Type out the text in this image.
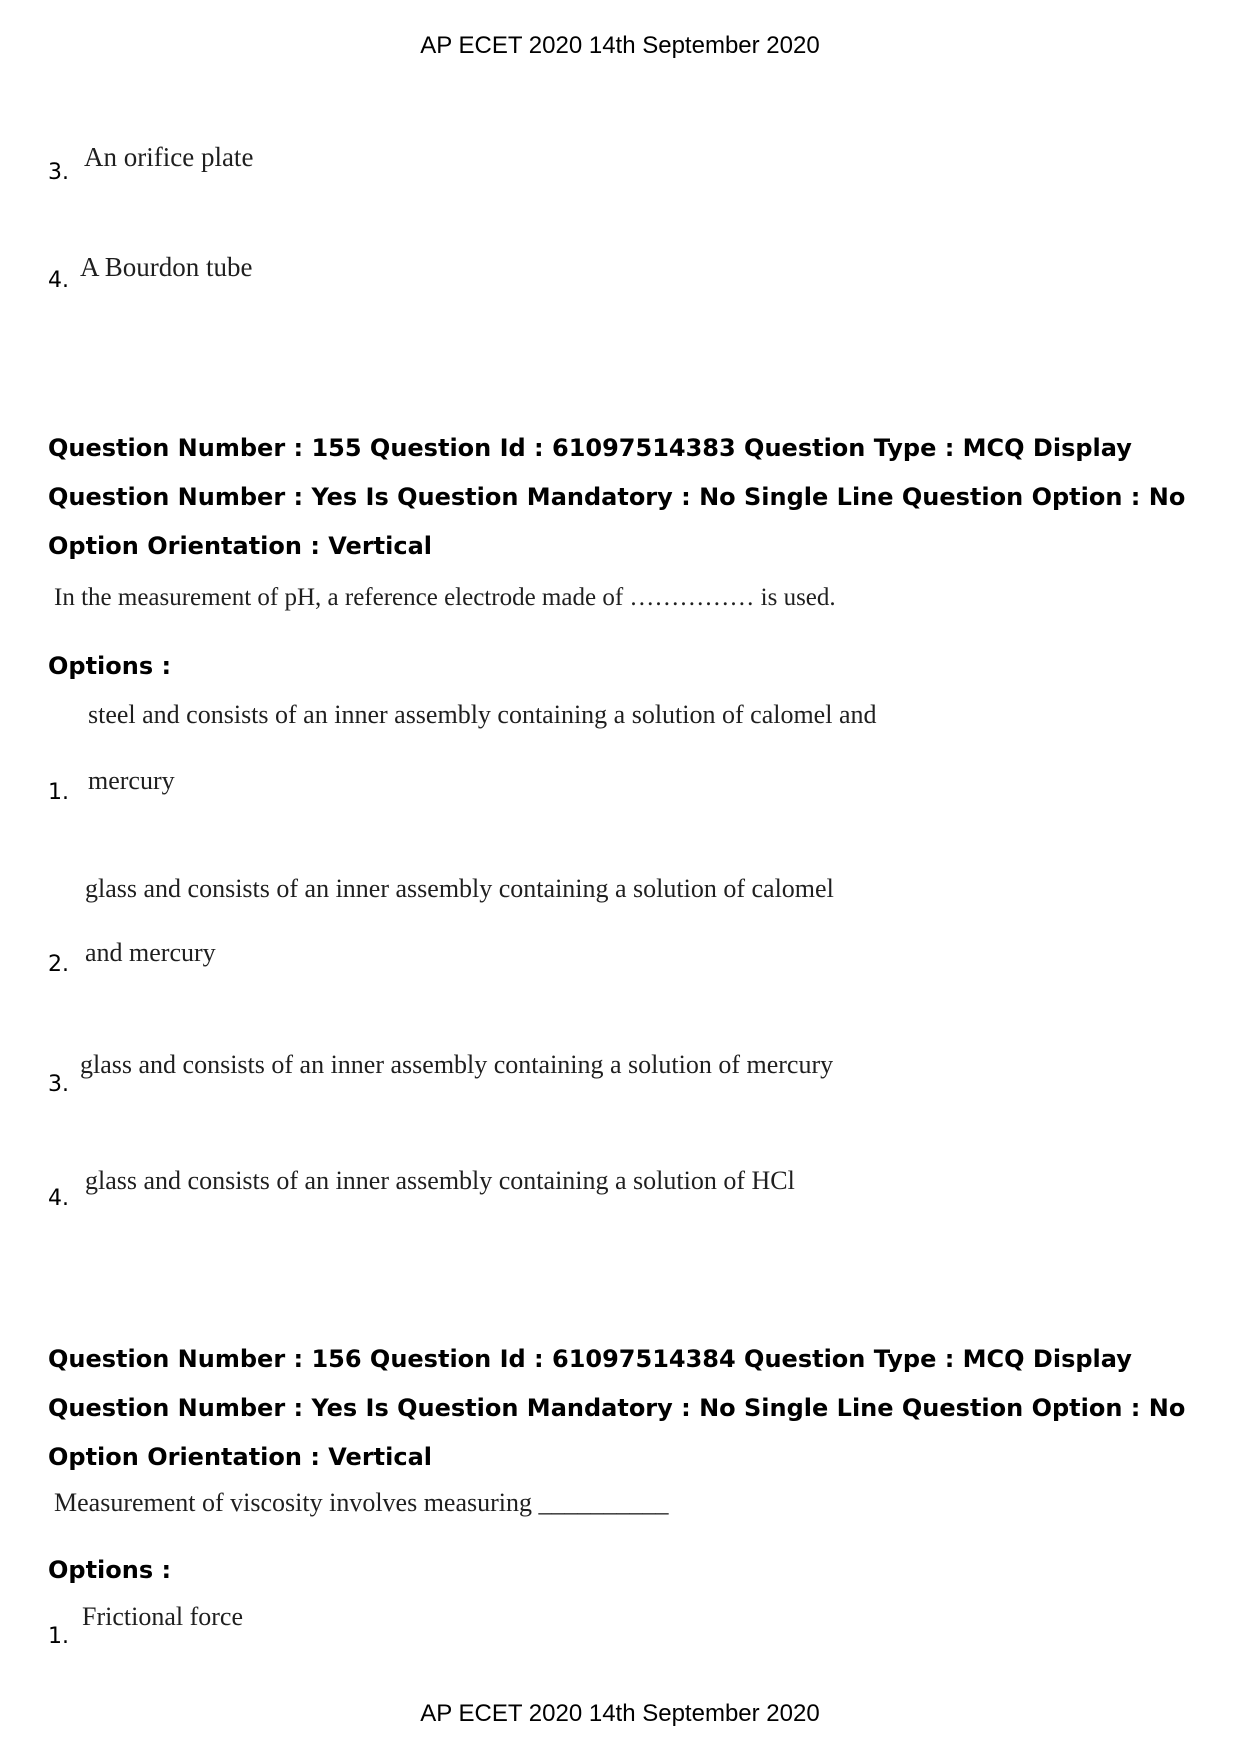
AP ECET 2020 14th September 2020
3.
An orifice plate
4. A Bourdon tube
Question Number : 155 Question Id : 61097514383 Question Type : MCQ Display Question Number : Yes Is Question Mandatory : No Single Line Question Option : No Option Orientation : Vertical
In the measurement of pH, a reference electrode made of …………… is used.
Options :
steel and consists of an inner assembly containing a solution of calomel and
1. mercury
glass and consists of an inner assembly containing a solution of calomel
2. and mercury
3.
glass and consists of an inner assembly containing a solution of mercury
4.
glass and consists of an inner assembly containing a solution of HCl
Question Number : 156 Question Id : 61097514384 Question Type : MCQ Display Question Number : Yes Is Question Mandatory : No Single Line Question Option : No Option Orientation : Vertical
Measurement of viscosity involves measuring __________
Options :
1.
Frictional force
AP ECET 2020 14th September 2020
